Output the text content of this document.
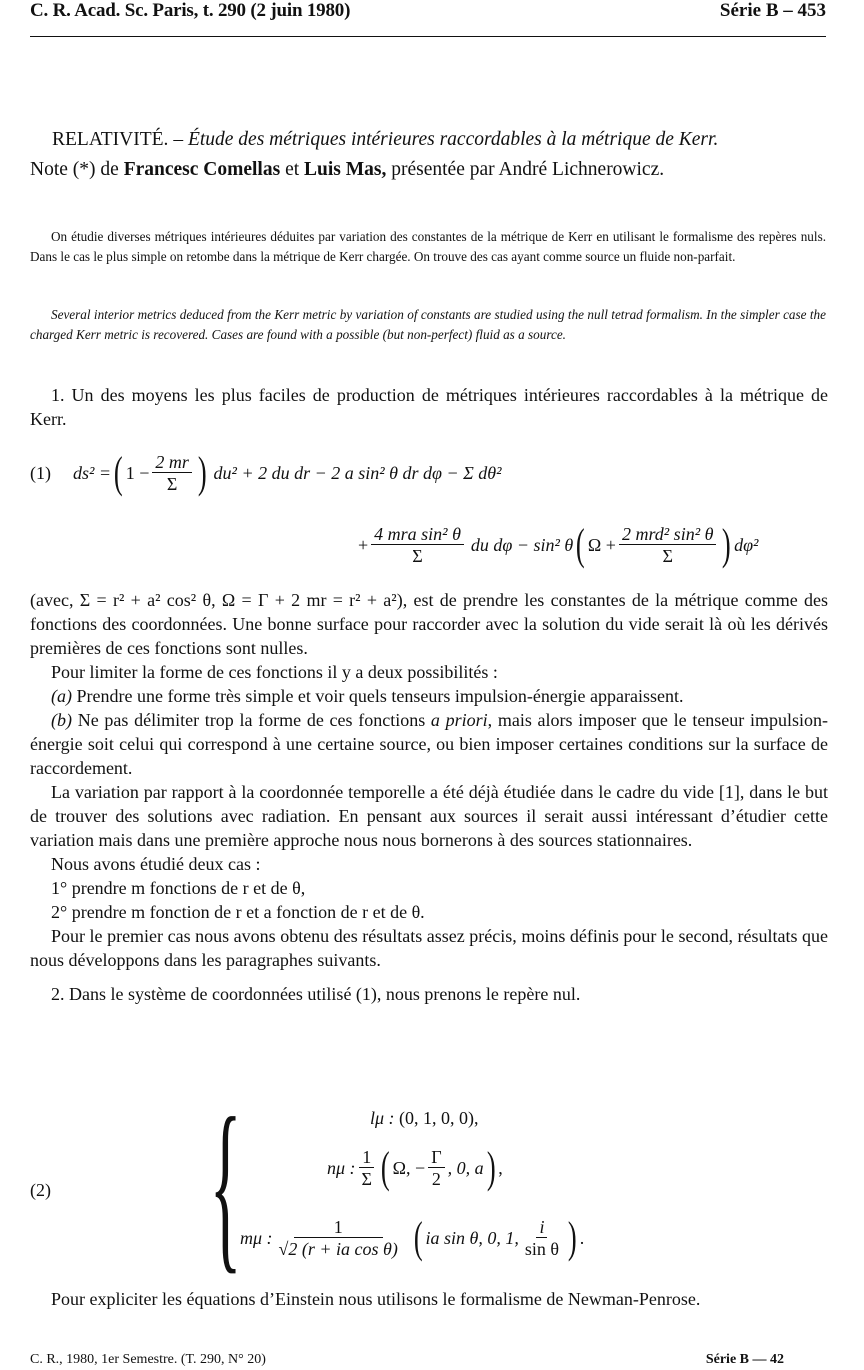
C. R. Acad. Sc. Paris, t. 290 (2 juin 1980)	Série B – 453
RELATIVITÉ. – Étude des métriques intérieures raccordables à la métrique de Kerr.
Note (*) de Francesc Comellas et Luis Mas, présentée par André Lichnerowicz.
On étudie diverses métriques intérieures déduites par variation des constantes de la métrique de Kerr en utilisant le formalisme des repères nuls. Dans le cas le plus simple on retombe dans la métrique de Kerr chargée. On trouve des cas ayant comme source un fluide non-parfait.
Several interior metrics deduced from the Kerr metric by variation of constants are studied using the null tetrad formalism. In the simpler case the charged Kerr metric is recovered. Cases are found with a possible (but non-perfect) fluid as a source.
1. Un des moyens les plus faciles de production de métriques intérieures raccordables à la métrique de Kerr.
(1) ds² = ( $1 - \frac{2 mr}{\Sigma}$ ) du² + 2 du dr − 2 a sin² θ dr dφ − Σ dθ²
+ $\frac{\text{4 mra sin² θ}}{\Sigma}$ du dφ − sin² θ ( $\Omega + \frac{\text{2 mrd² sin² θ}}{\Sigma}$ ) dφ²

(avec, Σ = r² + a² cos² θ, Ω = Γ + 2 mr = r² + a²), est de prendre les constantes de la métrique comme des fonctions des coordonnées. Une bonne surface pour raccorder avec la solution du vide serait là où les dérivés premières de ces fonctions sont nulles.

Pour limiter la forme de ces fonctions il y a deux possibilités :

(a) Prendre une forme très simple et voir quels tenseurs impulsion-énergie apparaissent.

(b) Ne pas délimiter trop la forme de ces fonctions a priori, mais alors imposer que le tenseur impulsion-énergie soit celui qui correspond à une certaine source, ou bien imposer certaines conditions sur la surface de raccordement.

La variation par rapport à la coordonnée temporelle a été déjà étudiée dans le cadre du vide [1], dans le but de trouver des solutions avec radiation. En pensant aux sources il serait aussi intéressant d’étudier cette variation mais dans une première approche nous nous bornerons à des sources stationnaires.

Nous avons étudié deux cas :

1° prendre m fonctions de r et de θ,

2° prendre m fonction de r et a fonction de r et de θ.

Pour le premier cas nous avons obtenu des résultats assez précis, moins définis pour le second, résultats que nous développons dans les paragraphes suivants.

2. Dans le système de coordonnées utilisé (1), nous prenons le repère nul.

(2) {	lμ : (0, 1, 0, 0),
nμ : $\frac{1}{\Sigma}$ ( Ω, − $\frac{\Gamma}{2}$ , 0, a ) ,
mμ : $\frac{1}{\text{√2 (r + ia cos θ)}}$ ( ia sin θ, 0, 1, $\frac{i}{\text{sin θ}}$ ) .
Pour expliciter les équations d’Einstein nous utilisons le formalisme de Newman-Penrose.
C. R., 1980, 1er Semestre. (T. 290, N° 20)	Série B — 42
